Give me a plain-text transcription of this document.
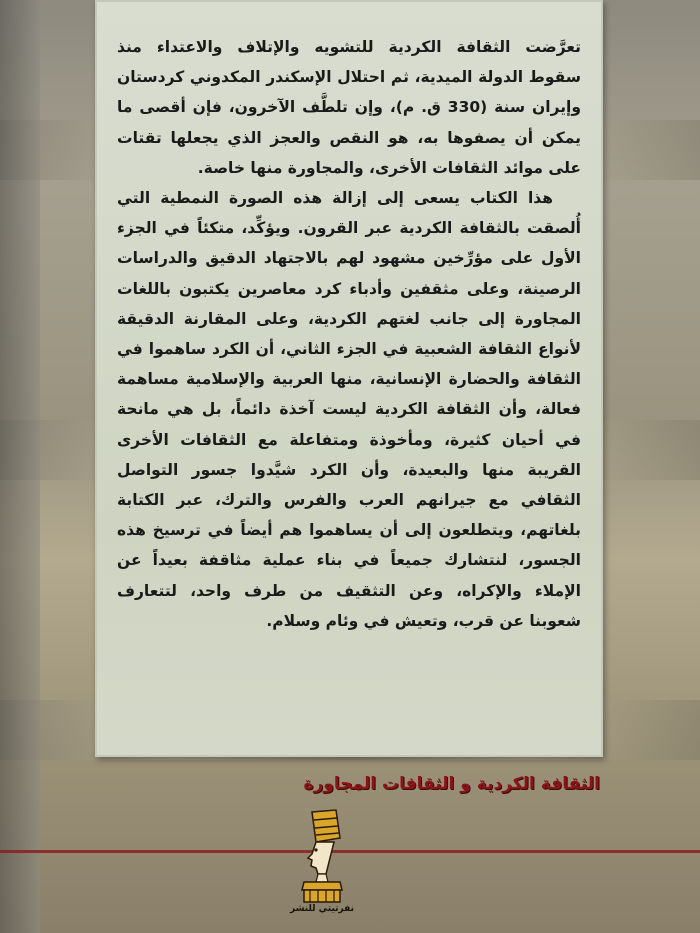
تعرَّضت الثقافة الكردية للتشويه والإتلاف والاعتداء منذ سقوط الدولة الميدية، ثم احتلال الإسكندر المكدوني كردستان وإيران سنة (330 ق. م)، وإن تلطَّف الآخرون، فإن أقصى ما يمكن أن يصفوها به، هو النقص والعجز الذي يجعلها تقتات على موائد الثقافات الأخرى، والمجاورة منها خاصة.

هذا الكتاب يسعى إلى إزالة هذه الصورة النمطية التي أُلصقت بالثقافة الكردية عبر القرون. ويؤكِّد، متكئاً في الجزء الأول على مؤرِّخين مشهود لهم بالاجتهاد الدقيق والدراسات الرصينة، وعلى مثقفين وأدباء كرد معاصرين يكتبون باللغات المجاورة إلى جانب لغتهم الكردية، وعلى المقارنة الدقيقة لأنواع الثقافة الشعبية في الجزء الثاني، أن الكرد ساهموا في الثقافة والحضارة الإنسانية، منها العربية والإسلامية مساهمة فعالة، وأن الثقافة الكردية ليست آخذة دائماً، بل هي مانحة في أحيان كثيرة، ومأخوذة ومتفاعلة مع الثقافات الأخرى القريبة منها والبعيدة، وأن الكرد شيَّدوا جسور التواصل الثقافي مع جيرانهم العرب والفرس والترك، عبر الكتابة بلغاتهم، ويتطلعون إلى أن يساهموا هم أيضاً في ترسيخ هذه الجسور، لنتشارك جميعاً في بناء عملية مثاقفة بعيداً عن الإملاء والإكراه، وعن التثقيف من طرف واحد، لتتعارف شعوبنا عن قرب، وتعيش في وئام وسلام.

الثقافة الكردية و الثقافات المجاورة
نفرتيتي للنشر
